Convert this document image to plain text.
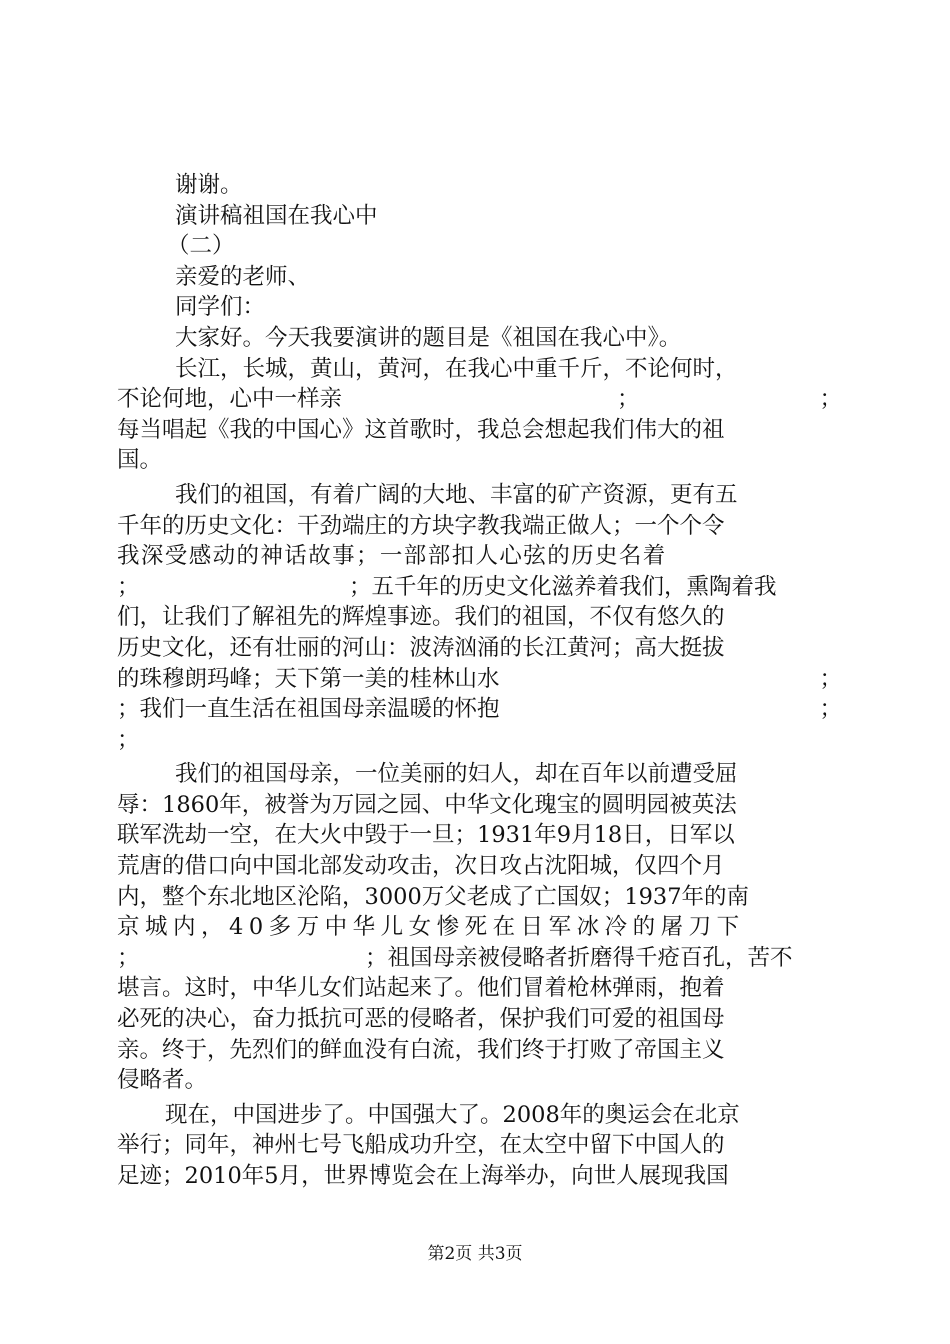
谢谢。
演讲稿祖国在我心中
（二）
亲爱的老师、
同学们：
大家好。今天我要演讲的题目是《祖国在我心中》。
长江，长城，黄山，黄河，在我心中重千斤，不论何时，
不论何地，心中一样亲	；	；
每当唱起《我的中国心》这首歌时，我总会想起我们伟大的祖
国。
我们的祖国，有着广阔的大地、丰富的矿产资源，更有五
千年的历史文化：干劲端庄的方块字教我端正做人；一个个令
我深受感动的神话故事；一部部扣人心弦的历史名着
；	；五千年的历史文化滋养着我们，熏陶着我
们，让我们了解祖先的辉煌事迹。我们的祖国，不仅有悠久的
历史文化，还有壮丽的河山：波涛汹涌的长江黄河；高大挺拔
的珠穆朗玛峰；天下第一美的桂林山水	；
；我们一直生活在祖国母亲温暖的怀抱	；
；
我们的祖国母亲，一位美丽的妇人，却在百年以前遭受屈
辱：1860年，被誉为万园之园、中华文化瑰宝的圆明园被英法
联军洗劫一空，在大火中毁于一旦；1931年9月18日，日军以
荒唐的借口向中国北部发动攻击，次日攻占沈阳城，仅四个月
内，整个东北地区沦陷，3000万父老成了亡国奴；1937年的南
京城内，40多万中华儿女惨死在日军冰冷的屠刀下
；	；祖国母亲被侵略者折磨得千疮百孔，苦不
堪言。这时，中华儿女们站起来了。他们冒着枪林弹雨，抱着
必死的决心，奋力抵抗可恶的侵略者，保护我们可爱的祖国母
亲。终于，先烈们的鲜血没有白流，我们终于打败了帝国主义
侵略者。
现在，中国进步了。中国强大了。2008年的奥运会在北京
举行；同年，神州七号飞船成功升空，在太空中留下中国人的
足迹；2010年5月，世界博览会在上海举办，向世人展现我国
第2页 共3页
